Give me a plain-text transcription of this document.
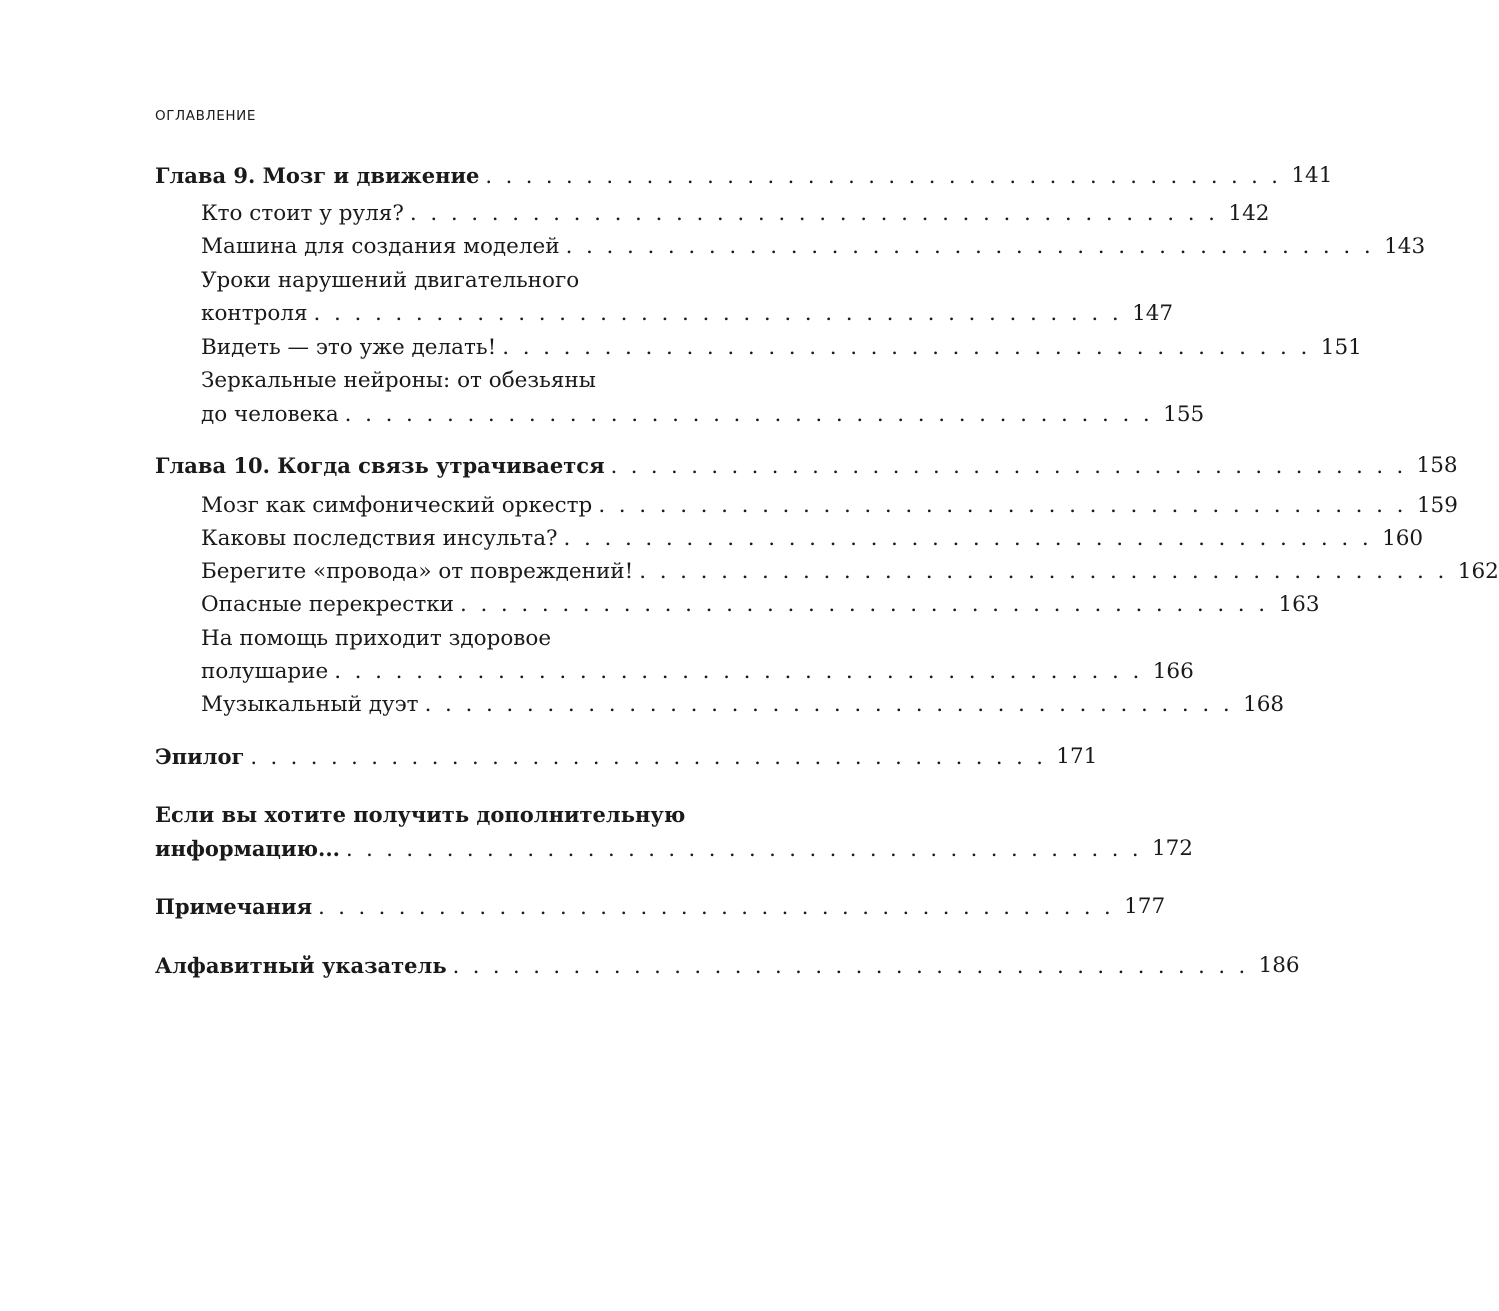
ОГЛАВЛЕНИЕ
Глава 9. Мозг и движение . . . . . . . . . . . . . . . . . . . . . . . . . . . . . . . . . . . . . . . . 141
Кто стоит у руля? . . . . . . . . . . . . . . . . . . . . . . . . . . . . . . . . . . . . . . . . 142
Машина для создания моделей . . . . . . . . . . . . . . . . . . . . . . . . . . . . . . . . . . . . . . . . 143
Уроки нарушений двигательного
контроля . . . . . . . . . . . . . . . . . . . . . . . . . . . . . . . . . . . . . . . . 147
Видеть — это уже делать! . . . . . . . . . . . . . . . . . . . . . . . . . . . . . . . . . . . . . . . . 151
Зеркальные нейроны: от обезьяны
до человека . . . . . . . . . . . . . . . . . . . . . . . . . . . . . . . . . . . . . . . . 155
Глава 10. Когда связь утрачивается . . . . . . . . . . . . . . . . . . . . . . . . . . . . . . . . . . . . . . . . 158
Мозг как симфонический оркестр . . . . . . . . . . . . . . . . . . . . . . . . . . . . . . . . . . . . . . . . 159
Каковы последствия инсульта? . . . . . . . . . . . . . . . . . . . . . . . . . . . . . . . . . . . . . . . . 160
Берегите «провода» от повреждений! . . . . . . . . . . . . . . . . . . . . . . . . . . . . . . . . . . . . . . . . 162
Опасные перекрестки . . . . . . . . . . . . . . . . . . . . . . . . . . . . . . . . . . . . . . . . 163
На помощь приходит здоровое
полушарие . . . . . . . . . . . . . . . . . . . . . . . . . . . . . . . . . . . . . . . . 166
Музыкальный дуэт . . . . . . . . . . . . . . . . . . . . . . . . . . . . . . . . . . . . . . . . 168
Эпилог . . . . . . . . . . . . . . . . . . . . . . . . . . . . . . . . . . . . . . . . 171
Если вы хотите получить дополнительную
информацию... . . . . . . . . . . . . . . . . . . . . . . . . . . . . . . . . . . . . . . . . 172
Примечания . . . . . . . . . . . . . . . . . . . . . . . . . . . . . . . . . . . . . . . . 177
Алфавитный указатель . . . . . . . . . . . . . . . . . . . . . . . . . . . . . . . . . . . . . . . . 186
